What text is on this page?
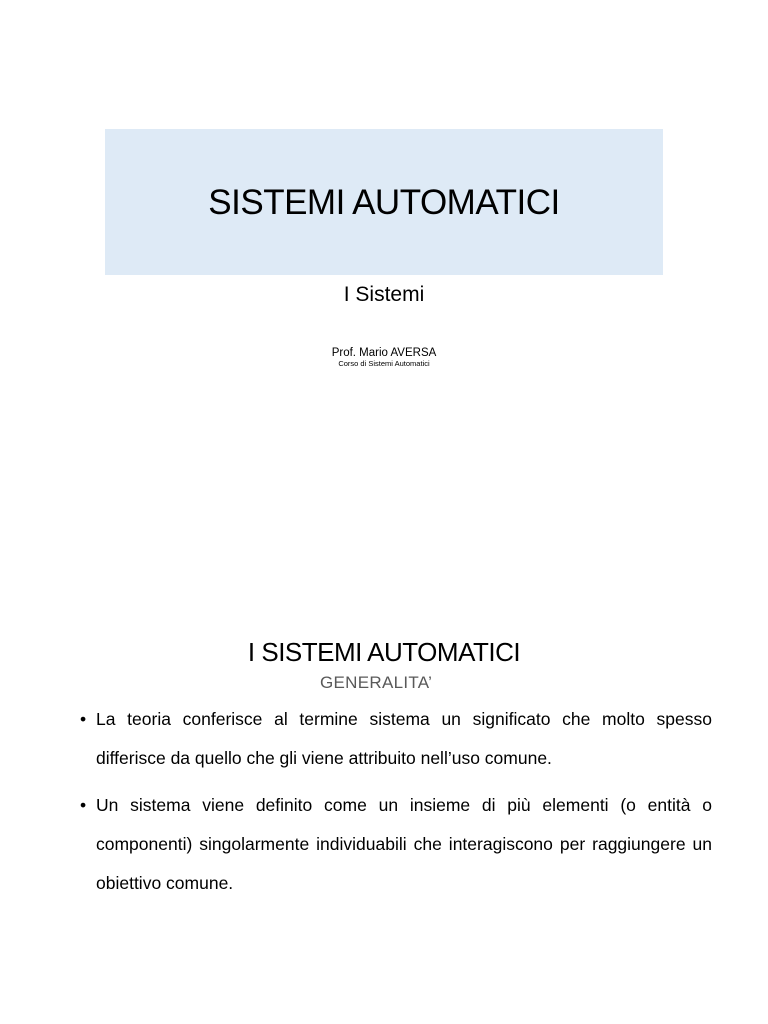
SISTEMI AUTOMATICI
I Sistemi
Prof. Mario AVERSA
Corso di Sistemi Automatici
I SISTEMI AUTOMATICI
GENERALITA’
• La teoria conferisce al termine sistema un significato che molto spesso differisce da quello che gli viene attribuito nell’uso comune.
• Un sistema viene definito come un insieme di più elementi (o entità o componenti) singolarmente individuabili che interagiscono per raggiungere un obiettivo comune.
